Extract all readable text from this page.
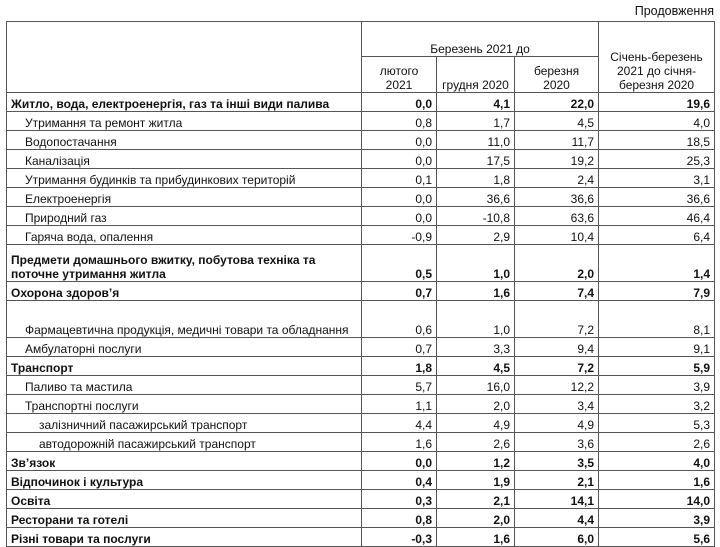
Продовження
	Березень 2021 до			Січень-березень 2021 до січня-березня 2020
	лютого 2021	грудня 2020	березня 2020	
Житло, вода, електроенергія, газ та інші види палива	0,0	4,1	22,0	19,6
Утримання та ремонт житла	0,8	1,7	4,5	4,0
Водопостачання	0,0	11,0	11,7	18,5
Каналізація	0,0	17,5	19,2	25,3
Утримання будинків та прибудинкових територій	0,1	1,8	2,4	3,1
Електроенергія	0,0	36,6	36,6	36,6
Природний газ	0,0	-10,8	63,6	46,4
Гаряча вода, опалення	-0,9	2,9	10,4	6,4
Предмети домашнього вжитку, побутова техніка та поточне утримання житла	0,5	1,0	2,0	1,4
Охорона здоров’я	0,7	1,6	7,4	7,9
Фармацевтична продукція, медичні товари та обладнання	0,6	1,0	7,2	8,1
Амбулаторні послуги	0,7	3,3	9,4	9,1
Транспорт	1,8	4,5	7,2	5,9
Паливо та мастила	5,7	16,0	12,2	3,9
Транспортні послуги	1,1	2,0	3,4	3,2
залізничний пасажирський транспорт	4,4	4,9	4,9	5,3
автодорожній пасажирський транспорт	1,6	2,6	3,6	2,6
Зв’язок	0,0	1,2	3,5	4,0
Відпочинок і культура	0,4	1,9	2,1	1,6
Освіта	0,3	2,1	14,1	14,0
Ресторани та готелі	0,8	2,0	4,4	3,9
Різні товари та послуги	-0,3	1,6	6,0	5,6
